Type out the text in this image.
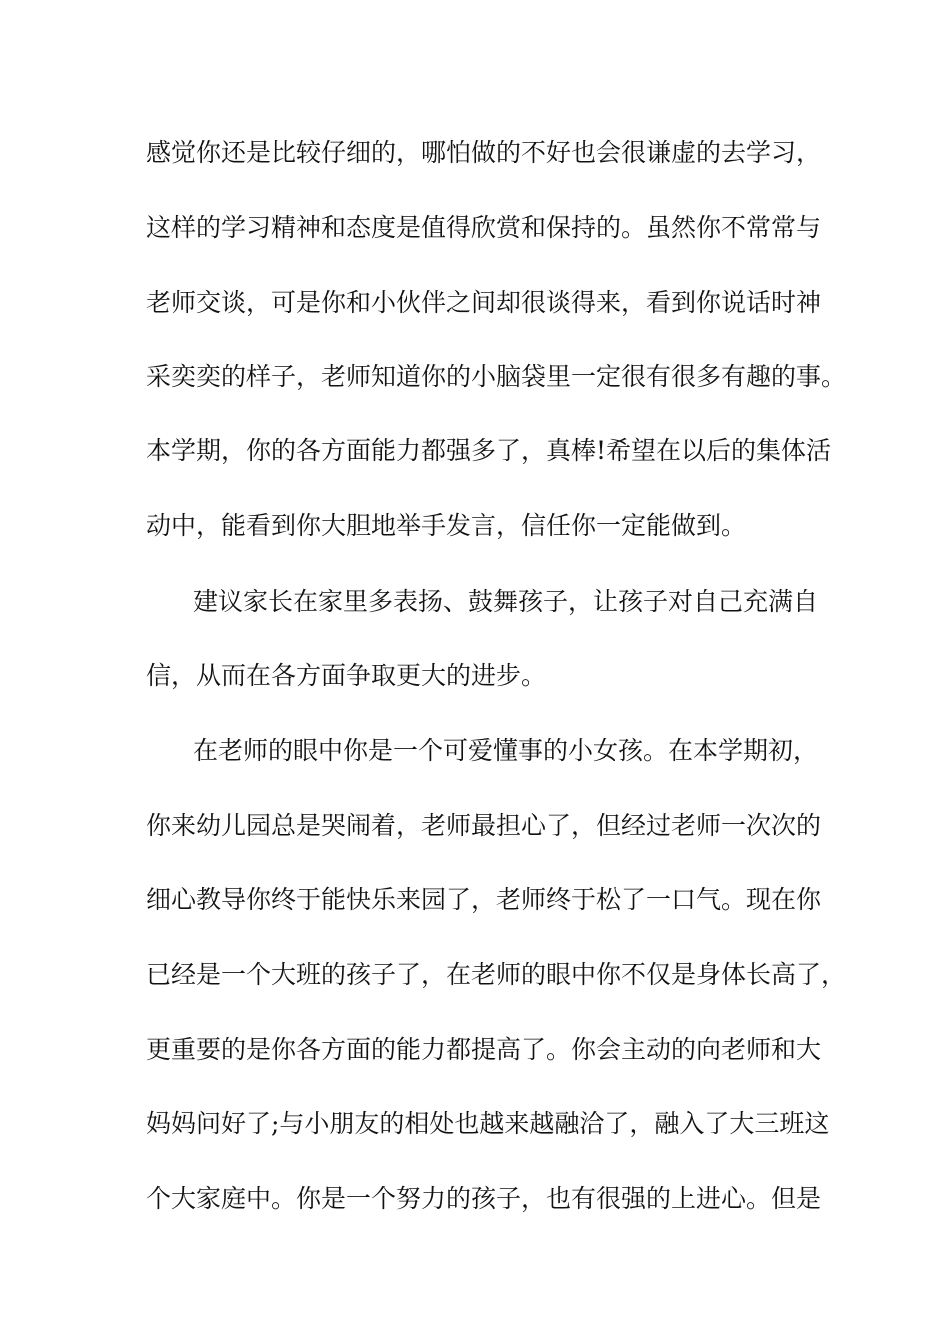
感觉你还是比较仔细的，哪怕做的不好也会很谦虚的去学习，
这样的学习精神和态度是值得欣赏和保持的。虽然你不常常与
老师交谈，可是你和小伙伴之间却很谈得来，看到你说话时神
采奕奕的样子，老师知道你的小脑袋里一定很有很多有趣的事。
本学期，你的各方面能力都强多了，真棒!希望在以后的集体活
动中，能看到你大胆地举手发言，信任你一定能做到。
建议家长在家里多表扬、鼓舞孩子，让孩子对自己充满自
信，从而在各方面争取更大的进步。
在老师的眼中你是一个可爱懂事的小女孩。在本学期初，
你来幼儿园总是哭闹着，老师最担心了，但经过老师一次次的
细心教导你终于能快乐来园了，老师终于松了一口气。现在你
已经是一个大班的孩子了，在老师的眼中你不仅是身体长高了，
更重要的是你各方面的能力都提高了。你会主动的向老师和大
妈妈问好了;与小朋友的相处也越来越融洽了，融入了大三班这
个大家庭中。你是一个努力的孩子，也有很强的上进心。但是
